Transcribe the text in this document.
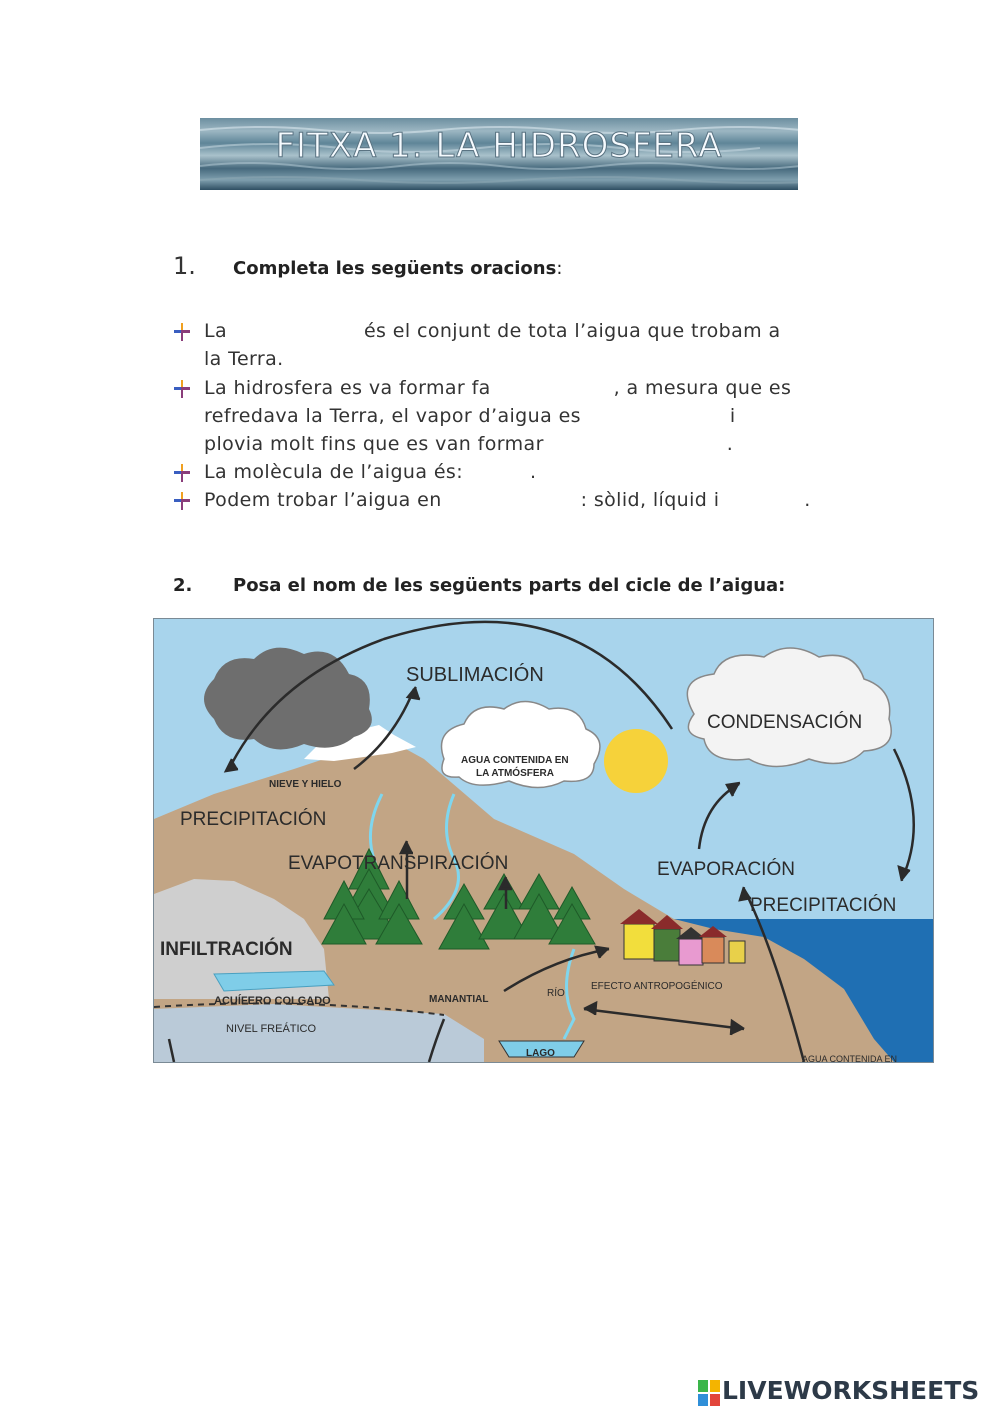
FITXA 1. LA HIDROSFERA
1. Completa les següents oracions:
La	és el conjunt de tota l’aigua que trobam a
la Terra.
La hidrosfera es va formar fa	, a mesura que es
refredava la Terra, el vapor d’aigua es	i
plovia molt fins que es van formar	.
La molècula de l’aigua és:	.
Podem trobar l’aigua en	: sòlid, líquid i	.
2. Posa el nom de les següents parts del cicle de l’aigua:
SUBLIMACIÓN
CONDENSACIÓN
AGUA CONTENIDA EN
LA ATMÓSFERA
NIEVE Y HIELO
PRECIPITACIÓN
EVAPOTRANSPIRACIÓN	EVAPORACIÓN
PRECIPITACIÓN
INFILTRACIÓN
ACUÍFERO COLGADO	MANANTIAL
RÍO
EFECTO ANTROPOGÉNICO
NIVEL FREÁTICO
LAGO	AGUA CONTENIDA EN
LIVEWORKSHEETS
